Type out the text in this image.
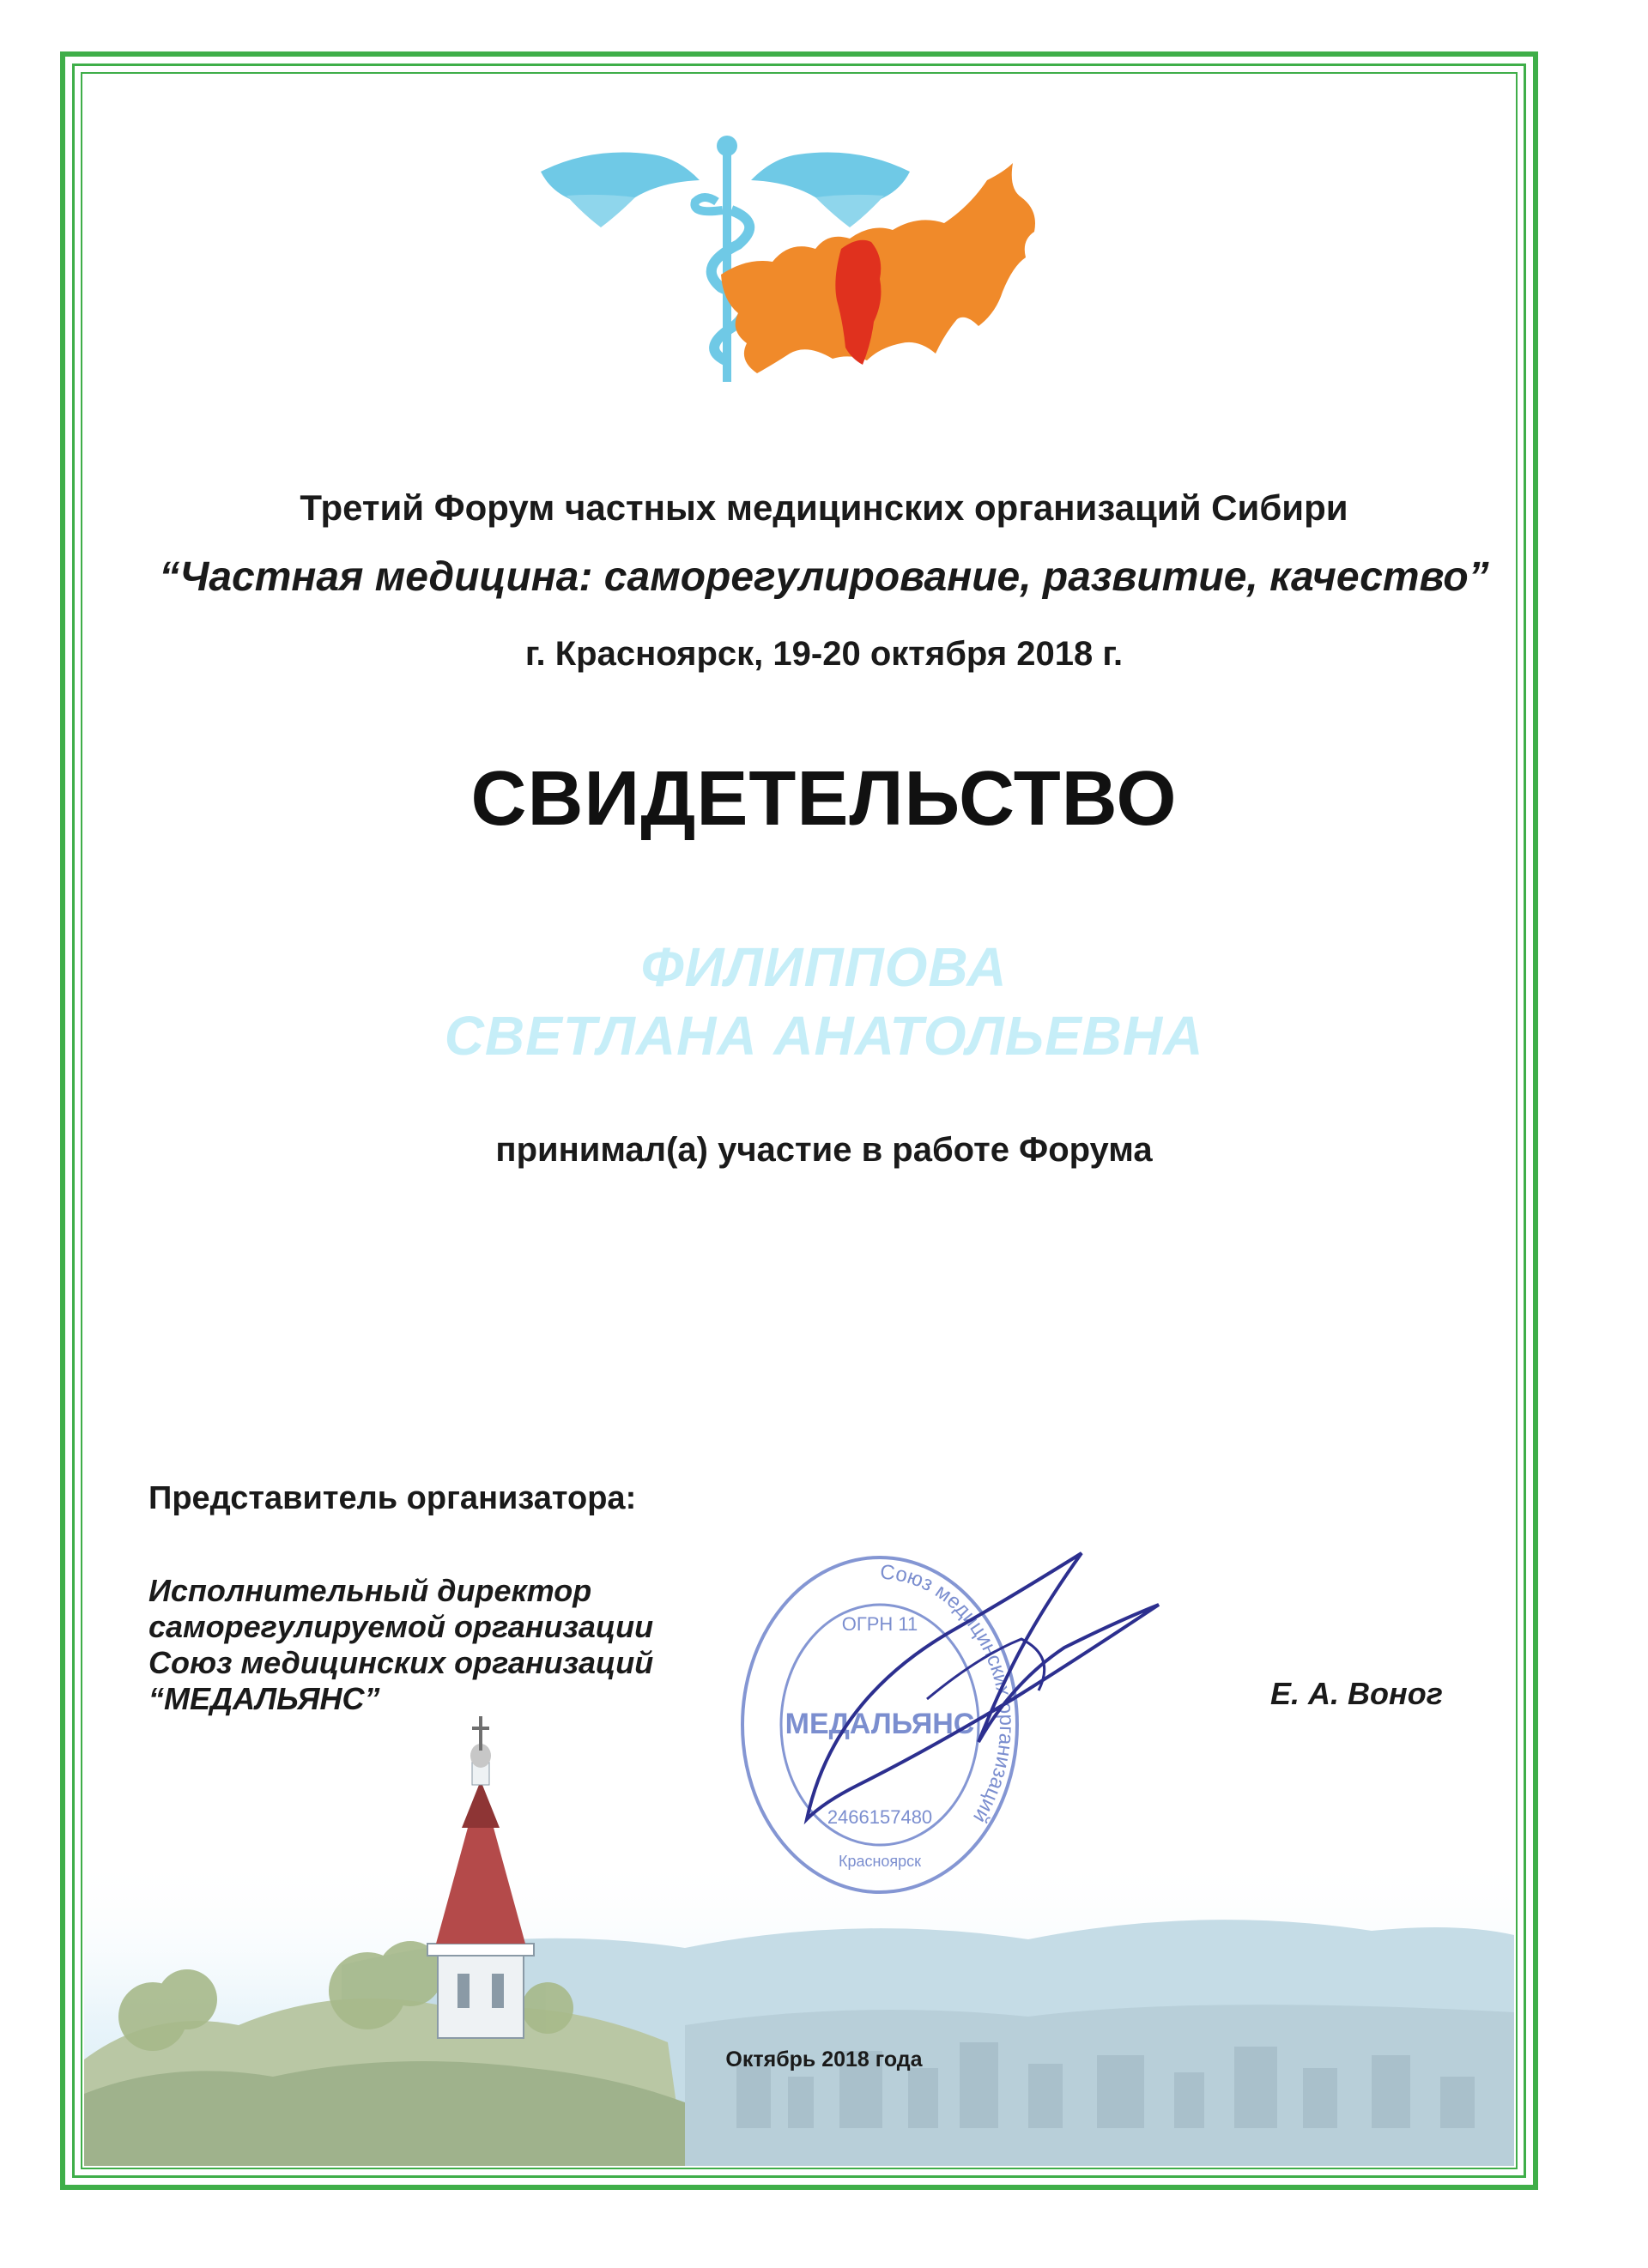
Третий Форум частных медицинских организаций Сибири
“Частная медицина: саморегулирование, развитие, качество”
г. Красноярск, 19-20 октября 2018 г.
СВИДЕТЕЛЬСТВО
ФИЛИППОВА
СВЕТЛАНА АНАТОЛЬЕВНА
принимал(а) участие в работе Форума
Представитель организатора:
Исполнительный директор
саморегулируемой организации
Союз медицинских организаций
“МЕДАЛЬЯНС”
Союз медицинских организаций
ОГРН 11
МЕДАЛЬЯНС
2466157480
Красноярск
Е. А. Воног
Октябрь 2018 года
